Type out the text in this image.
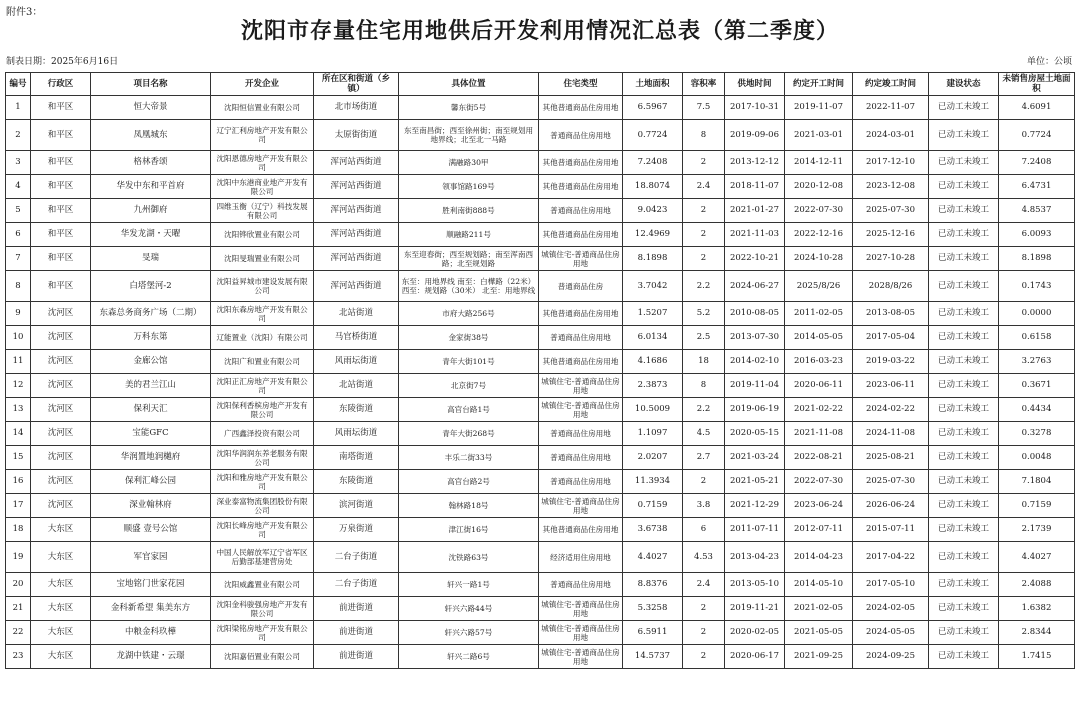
附件3：
沈阳市存量住宅用地供后开发利用情况汇总表（第二季度）
制表日期：2025年6月16日	单位：公顷
编号	行政区	项目名称	开发企业	所在区和街道（乡镇）	具体位置	住宅类型	土地面积	容积率	供地时间	约定开工时间	约定竣工时间	建设状态	未销售房屋土地面积
1	和平区	恒大帝景	沈阳恒信置业有限公司	北市场街道	馨东街5号	其他普通商品住房用地	6.5967	7.5	2017-10-31	2019-11-07	2022-11-07	已动工未竣工	4.6091
2	和平区	凤凰城东	辽宁汇利房地产开发有限公司	太原街街道	东至南昌街；西至徐州街；南至规划用地界线；北至北一马路	普通商品住房用地	0.7724	8	2019-09-06	2021-03-01	2024-03-01	已动工未竣工	0.7724
3	和平区	格林香颂	沈阳恩德房地产开发有限公司	浑河站西街道	满融路30甲	其他普通商品住房用地	7.2408	2	2013-12-12	2014-12-11	2017-12-10	已动工未竣工	7.2408
4	和平区	华发中东和平首府	沈阳中东港商业地产开发有限公司	浑河站西街道	领事馆路169号	其他普通商品住房用地	18.8074	2.4	2018-11-07	2020-12-08	2023-12-08	已动工未竣工	6.4731
5	和平区	九州御府	四维玉衡（辽宁）科技发展有限公司	浑河站西街道	胜利南街888号	普通商品住房用地	9.0423	2	2021-01-27	2022-07-30	2025-07-30	已动工未竣工	4.8537
6	和平区	华发龙湖・天曜	沈阳铧欣置业有限公司	浑河站西街道	顺融路211号	其他普通商品住房用地	12.4969	2	2021-11-03	2022-12-16	2025-12-16	已动工未竣工	6.0093
7	和平区	旻瑞	沈阳旻瑞置业有限公司	浑河站西街道	东至迎春街；西至规划路；南至浑南西路；北至规划路	城镇住宅-普通商品住房用地	8.1898	2	2022-10-21	2024-10-28	2027-10-28	已动工未竣工	8.1898
8	和平区	白塔堡河-2	沈阳益昇城市建设发展有限公司	浑河站西街道	东至：用地界线 南至：白樺路（22米） 西至：规划路（30米） 北至：用地界线	普通商品住房	3.7042	2.2	2024-06-27	2025/8/26	2028/8/26	已动工未竣工	0.1743
9	沈河区	东森总务商务广场（二期）	沈阳东森房地产开发有限公司	北站街道	市府大路256号	其他普通商品住房用地	1.5207	5.2	2010-08-05	2011-02-05	2013-08-05	已动工未竣工	0.0000
10	沈河区	万科东第	辽能置业（沈阳）有限公司	马官桥街道	金家街38号	普通商品住房用地	6.0134	2.5	2013-07-30	2014-05-05	2017-05-04	已动工未竣工	0.6158
11	沈河区	金廊公馆	沈阳广和置业有限公司	风雨坛街道	青年大街101号	其他普通商品住房用地	4.1686	18	2014-02-10	2016-03-23	2019-03-22	已动工未竣工	3.2763
12	沈河区	美的君兰江山	沈阳正汇房地产开发有限公司	北站街道	北京街7号	城镇住宅-普通商品住房用地	2.3873	8	2019-11-04	2020-06-11	2023-06-11	已动工未竣工	0.3671
13	沈河区	保利天汇	沈阳保利香槟房地产开发有限公司	东陵街道	高官台路1号	城镇住宅-普通商品住房用地	10.5009	2.2	2019-06-19	2021-02-22	2024-02-22	已动工未竣工	0.4434
14	沈河区	宝能GFC	广西鑫泽投资有限公司	风雨坛街道	青年大街268号	普通商品住房用地	1.1097	4.5	2020-05-15	2021-11-08	2024-11-08	已动工未竣工	0.3278
15	沈河区	华润置地润樾府	沈阳华润润东养老服务有限公司	南塔街道	丰乐二街33号	普通商品住房用地	2.0207	2.7	2021-03-24	2022-08-21	2025-08-21	已动工未竣工	0.0048
16	沈河区	保利汇峰公园	沈阳和雅房地产开发有限公司	东陵街道	高官台路2号	普通商品住房用地	11.3934	2	2021-05-21	2022-07-30	2025-07-30	已动工未竣工	7.1804
17	沈河区	深业翰林府	深业泰富物流集团股份有限公司	滨河街道	翰林路18号	城镇住宅-普通商品住房用地	0.7159	3.8	2021-12-29	2023-06-24	2026-06-24	已动工未竣工	0.7159
18	大东区	顺盛 壹号公馆	沈阳长峰房地产开发有限公司	万泉街道	津江街16号	其他普通商品住房用地	3.6738	6	2011-07-11	2012-07-11	2015-07-11	已动工未竣工	2.1739
19	大东区	军官家园	中国人民解放军辽宁省军区后勤部基建营房处	二台子街道	沈铁路63号	经济适用住房用地	4.4027	4.53	2013-04-23	2014-04-23	2017-04-22	已动工未竣工	4.4027
20	大东区	宝地铭门世家花园	沈阳威鑫置业有限公司	二台子街道	轩兴一路1号	普通商品住房用地	8.8376	2.4	2013-05-10	2014-05-10	2017-05-10	已动工未竣工	2.4088
21	大东区	金科新希望 集美东方	沈阳金科骏强房地产开发有限公司	前进街道	轩兴六路44号	城镇住宅-普通商品住房用地	5.3258	2	2019-11-21	2021-02-05	2024-02-05	已动工未竣工	1.6382
22	大东区	中粮金科玖樺	沈阳梁铭房地产开发有限公司	前进街道	轩兴六路57号	城镇住宅-普通商品住房用地	6.5911	2	2020-02-05	2021-05-05	2024-05-05	已动工未竣工	2.8344
23	大东区	龙湖中铁建・云璟	沈阳嘉佰置业有限公司	前进街道	轩兴二路6号	城镇住宅-普通商品住房用地	14.5737	2	2020-06-17	2021-09-25	2024-09-25	已动工未竣工	1.7415
